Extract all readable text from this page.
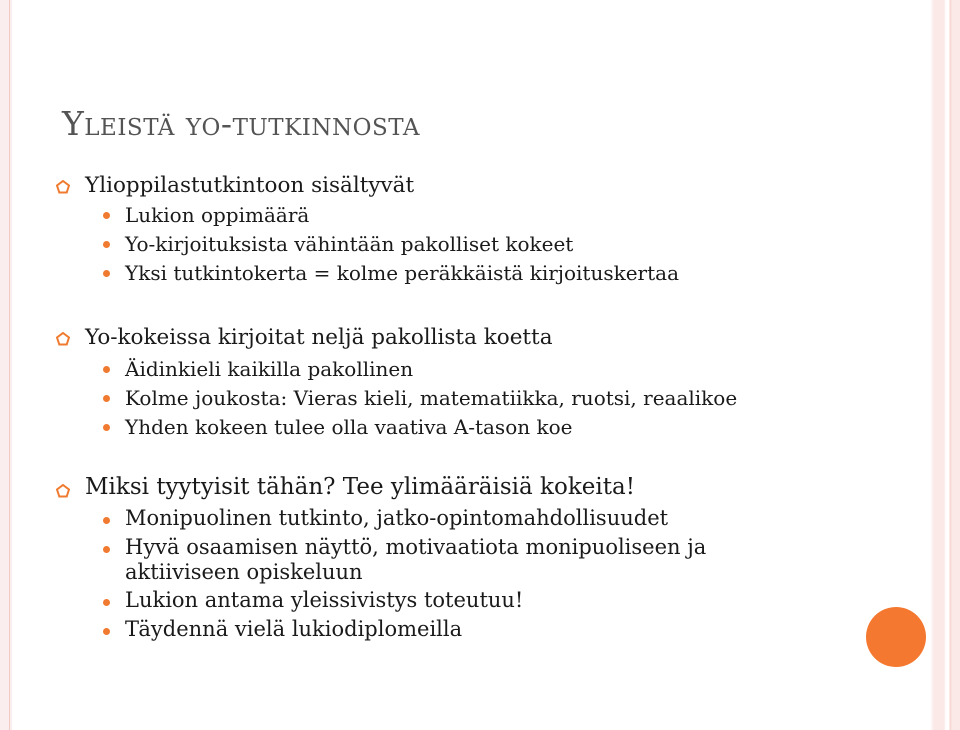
Yleistä yo-tutkinnosta
Ylioppilastutkintoon sisältyvät
Lukion oppimäärä
Yo-kirjoituksista vähintään pakolliset kokeet
Yksi tutkintokerta = kolme peräkkäistä kirjoituskertaa
Yo-kokeissa kirjoitat neljä pakollista koetta
Äidinkieli kaikilla pakollinen
Kolme joukosta: Vieras kieli, matematiikka, ruotsi, reaalikoe
Yhden kokeen tulee olla vaativa A-tason koe
Miksi tyytyisit tähän? Tee ylimääräisiä kokeita!
Monipuolinen tutkinto, jatko-opintomahdollisuudet
Hyvä osaamisen näyttö, motivaatiota monipuoliseen ja
aktiiviseen opiskeluun
Lukion antama yleissivistys toteutuu!
Täydennä vielä lukiodiplomeilla
